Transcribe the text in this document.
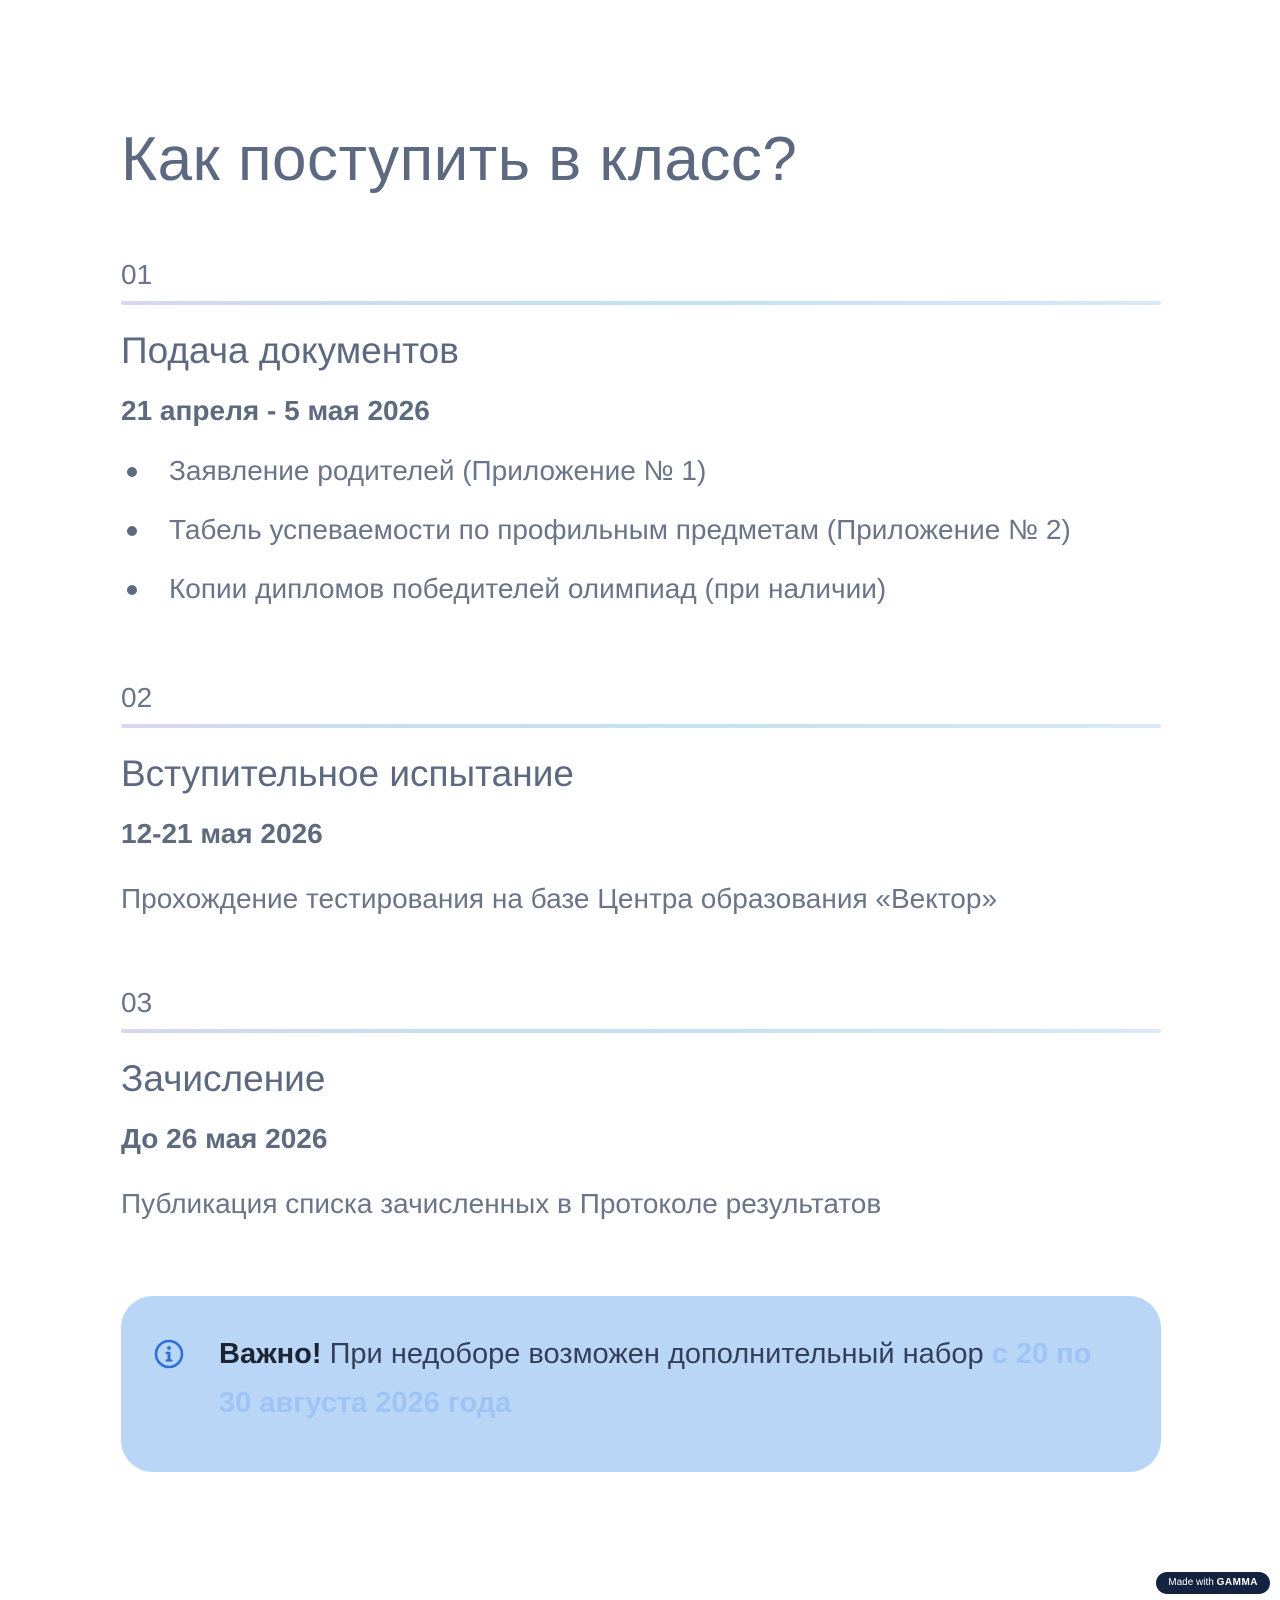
Как поступить в класс?
01
Подача документов
21 апреля - 5 мая 2026
Заявление родителей (Приложение № 1)
Табель успеваемости по профильным предметам (Приложение № 2)
Копии дипломов победителей олимпиад (при наличии)
02
Вступительное испытание
12-21 мая 2026
Прохождение тестирования на базе Центра образования «Вектор»
03
Зачисление
До 26 мая 2026
Публикация списка зачисленных в Протоколе результатов
Важно! При недоборе возможен дополнительный набор с 20 по 30 августа 2026 года
Made with GAMMA
